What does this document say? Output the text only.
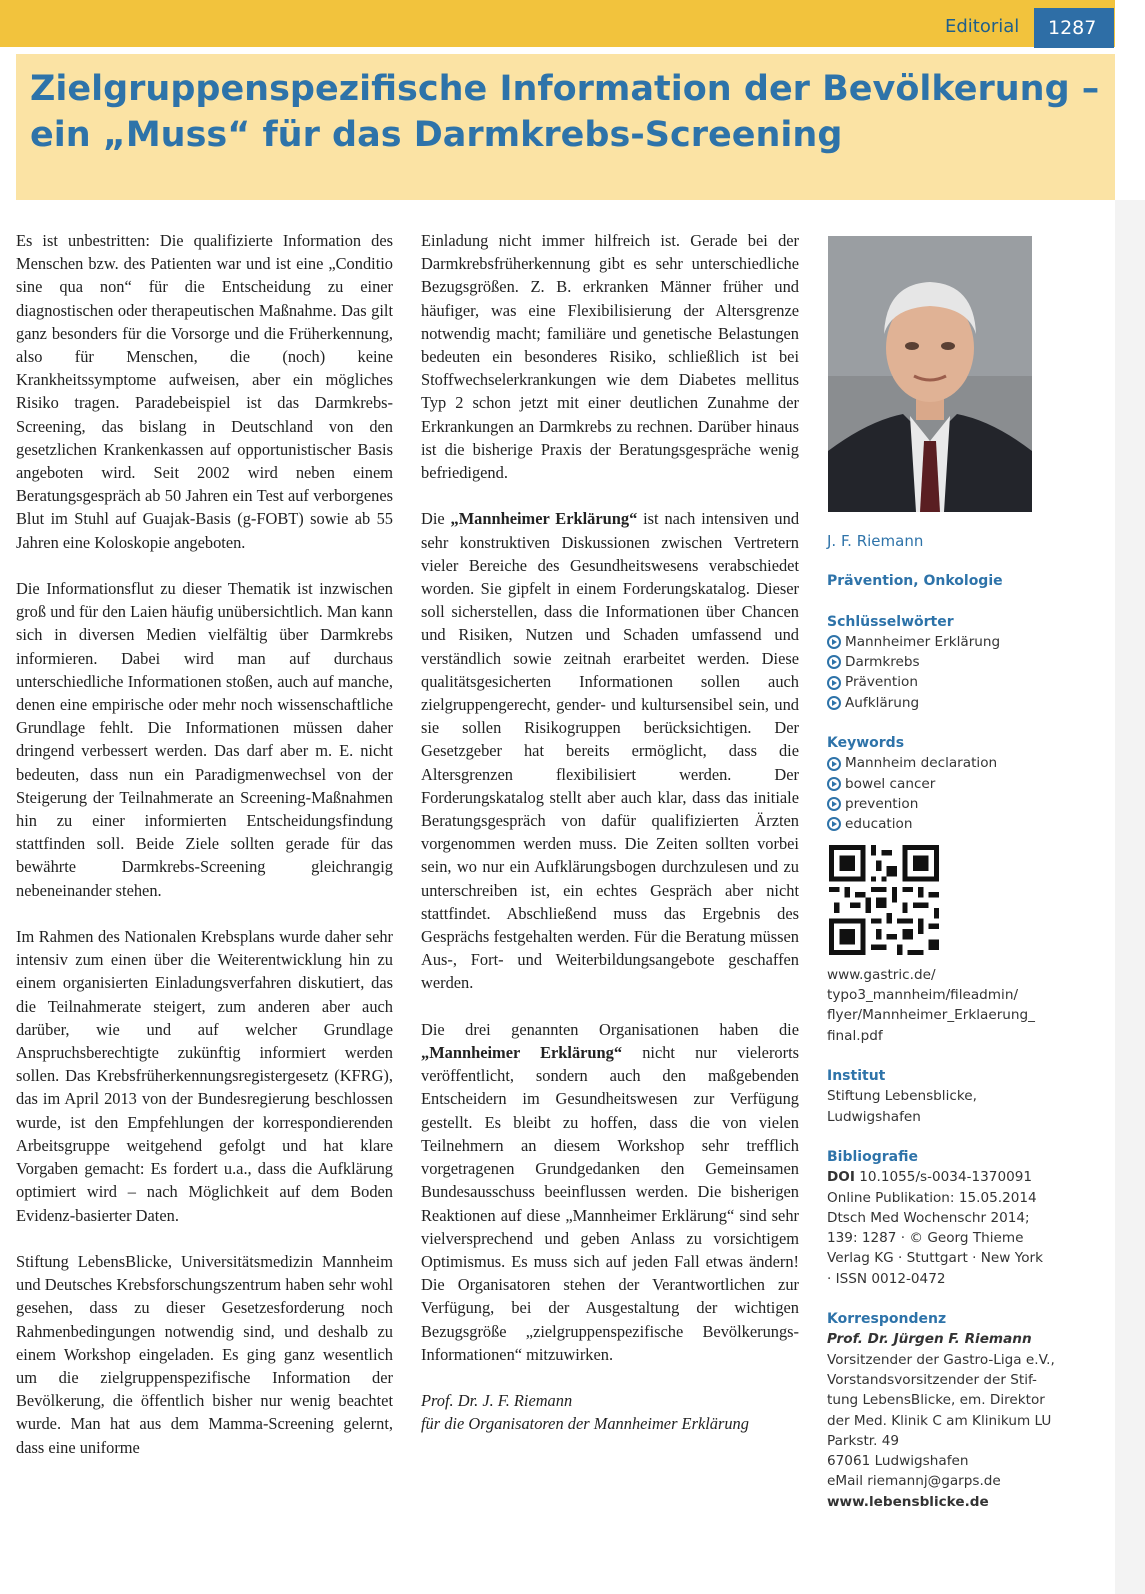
Editorial	1287
Zielgruppenspezifische Information der Bevölkerung –
ein „Muss“ für das Darmkrebs-Screening

Es ist unbestritten: Die qualifizierte Information des Menschen bzw. des Patienten war und ist eine „Conditio sine qua non“ für die Entscheidung zu einer diagnostischen oder therapeutischen Maßnahme. Das gilt ganz besonders für die Vorsorge und die Früherkennung, also für Menschen, die (noch) keine Krankheitssymptome aufweisen, aber ein mögliches Risiko tragen. Paradebeispiel ist das Darmkrebs-Screening, das bislang in Deutschland von den gesetzlichen Krankenkassen auf opportunistischer Basis angeboten wird. Seit 2002 wird neben einem Beratungsgespräch ab 50 Jahren ein Test auf verborgenes Blut im Stuhl auf Guajak-Basis (g-FOBT) sowie ab 55 Jahren eine Koloskopie angeboten.

Die Informationsflut zu dieser Thematik ist inzwischen groß und für den Laien häufig unübersichtlich. Man kann sich in diversen Medien vielfältig über Darmkrebs informieren. Dabei wird man auf durchaus unterschiedliche Informationen stoßen, auch auf manche, denen eine empirische oder mehr noch wissenschaftliche Grundlage fehlt. Die Informationen müssen daher dringend verbessert werden. Das darf aber m. E. nicht bedeuten, dass nun ein Paradigmenwechsel von der Steigerung der Teilnahmerate an Screening-Maßnahmen hin zu einer informierten Entscheidungsfindung stattfinden soll. Beide Ziele sollten gerade für das bewährte Darmkrebs-Screening gleichrangig nebeneinander stehen.

Im Rahmen des Nationalen Krebsplans wurde daher sehr intensiv zum einen über die Weiterentwicklung hin zu einem organisierten Einladungsverfahren diskutiert, das die Teilnahmerate steigert, zum anderen aber auch darüber, wie und auf welcher Grundlage Anspruchsberechtigte zukünftig informiert werden sollen. Das Krebsfrüherkennungsregistergesetz (KFRG), das im April 2013 von der Bundesregierung beschlossen wurde, ist den Empfehlungen der korrespondierenden Arbeitsgruppe weitgehend gefolgt und hat klare Vorgaben gemacht: Es fordert u.a., dass die Aufklärung optimiert wird – nach Möglichkeit auf dem Boden Evidenz-basierter Daten.

Stiftung LebensBlicke, Universitätsmedizin Mannheim und Deutsches Krebsforschungszentrum haben sehr wohl gesehen, dass zu dieser Gesetzesforderung noch Rahmenbedingungen notwendig sind, und deshalb zu einem Workshop eingeladen. Es ging ganz wesentlich um die zielgruppenspezifische Information der Bevölkerung, die öffentlich bisher nur wenig beachtet wurde. Man hat aus dem Mamma-Screening gelernt, dass eine uniforme

Einladung nicht immer hilfreich ist. Gerade bei der Darmkrebsfrüherkennung gibt es sehr unterschiedliche Bezugsgrößen. Z. B. erkranken Männer früher und häufiger, was eine Flexibilisierung der Altersgrenze notwendig macht; familiäre und genetische Belastungen bedeuten ein besonderes Risiko, schließlich ist bei Stoffwechselerkrankungen wie dem Diabetes mellitus Typ 2 schon jetzt mit einer deutlichen Zunahme der Erkrankungen an Darmkrebs zu rechnen. Darüber hinaus ist die bisherige Praxis der Beratungsgespräche wenig befriedigend.

Die „Mannheimer Erklärung“ ist nach intensiven und sehr konstruktiven Diskussionen zwischen Vertretern vieler Bereiche des Gesundheitswesens verabschiedet worden. Sie gipfelt in einem Forderungskatalog. Dieser soll sicherstellen, dass die Informationen über Chancen und Risiken, Nutzen und Schaden umfassend und verständlich sowie zeitnah erarbeitet werden. Diese qualitätsgesicherten Informationen sollen auch zielgruppengerecht, gender- und kultursensibel sein, und sie sollen Risikogruppen berücksichtigen. Der Gesetzgeber hat bereits ermöglicht, dass die Altersgrenzen flexibilisiert werden. Der Forderungskatalog stellt aber auch klar, dass das initiale Beratungsgespräch von dafür qualifizierten Ärzten vorgenommen werden muss. Die Zeiten sollten vorbei sein, wo nur ein Aufklärungsbogen durchzulesen und zu unterschreiben ist, ein echtes Gespräch aber nicht stattfindet. Abschließend muss das Ergebnis des Gesprächs festgehalten werden. Für die Beratung müssen Aus-, Fort- und Weiterbildungsangebote geschaffen werden.

Die drei genannten Organisationen haben die „Mannheimer Erklärung“ nicht nur vielerorts veröffentlicht, sondern auch den maßgebenden Entscheidern im Gesundheitswesen zur Verfügung gestellt. Es bleibt zu hoffen, dass die von vielen Teilnehmern an diesem Workshop sehr trefflich vorgetragenen Grundgedanken den Gemeinsamen Bundesausschuss beeinflussen werden. Die bisherigen Reaktionen auf diese „Mannheimer Erklärung“ sind sehr vielversprechend und geben Anlass zu vorsichtigem Optimismus. Es muss sich auf jeden Fall etwas ändern! Die Organisatoren stehen der Verantwortlichen zur Verfügung, bei der Ausgestaltung der wichtigen Bezugsgröße „zielgruppenspezifische Bevölkerungs-Informationen“ mitzuwirken.

Prof. Dr. J. F. Riemann
für die Organisatoren der Mannheimer Erklärung
J. F. Riemann
Prävention, Onkologie
Schlüsselwörter
Mannheimer Erklärung
Darmkrebs
Prävention
Aufklärung
Keywords
Mannheim declaration
bowel cancer
prevention
education
www.gastric.de/
typo3_mannheim/fileadmin/
flyer/Mannheimer_Erklaerung_
final.pdf
Institut
Stiftung Lebensblicke,
Ludwigshafen
Bibliografie
DOI 10.1055/s-0034-1370091
Online Publikation: 15.05.2014
Dtsch Med Wochenschr 2014;
139: 1287 · © Georg Thieme
Verlag KG · Stuttgart · New York
· ISSN 0012-0472
Korrespondenz
Prof. Dr. Jürgen F. Riemann
Vorsitzender der Gastro-Liga e.V.,
Vorstandsvorsitzender der Stif-
tung LebensBlicke, em. Direktor
der Med. Klinik C am Klinikum LU
Parkstr. 49
67061 Ludwigshafen
eMail riemannj@garps.de
www.lebensblicke.de
